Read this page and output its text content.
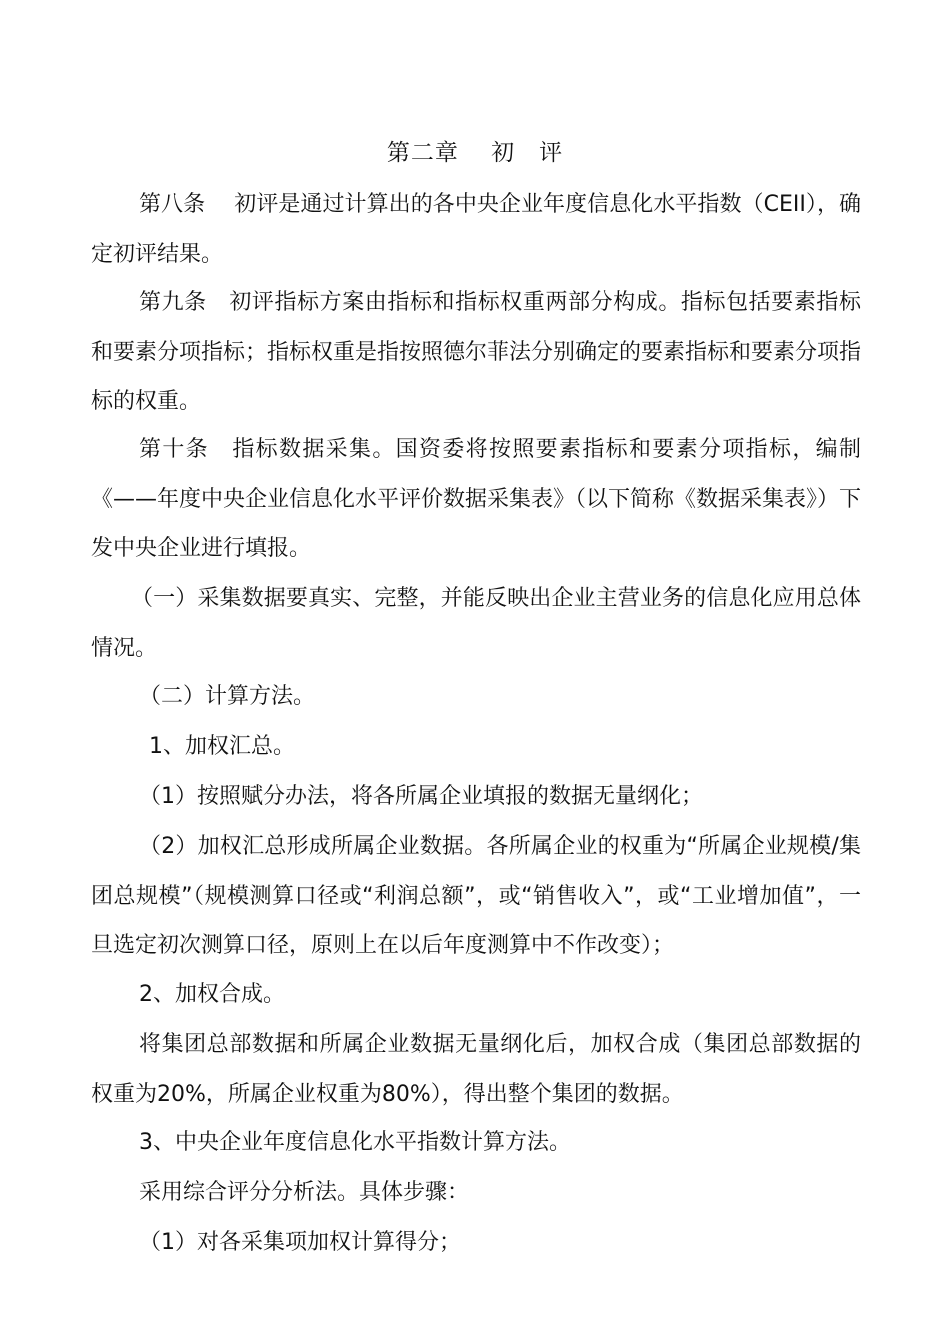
第二章　 初　评
第八条　 初评是通过计算出的各中央企业年度信息化水平指数（CEII），确定初评结果。
第九条　初评指标方案由指标和指标权重两部分构成。指标包括要素指标和要素分项指标；指标权重是指按照德尔菲法分别确定的要素指标和要素分项指标的权重。
第十条　指标数据采集。国资委将按照要素指标和要素分项指标，编制《——年度中央企业信息化水平评价数据采集表》（以下简称《数据采集表》）下发中央企业进行填报。
（一）采集数据要真实、完整，并能反映出企业主营业务的信息化应用总体情况。
（二）计算方法。
1、加权汇总。
（1）按照赋分办法，将各所属企业填报的数据无量纲化；
（2）加权汇总形成所属企业数据。各所属企业的权重为“所属企业规模/集团总规模”（规模测算口径或“利润总额”，或“销售收入”，或“工业增加值”，一旦选定初次测算口径，原则上在以后年度测算中不作改变）；
2、加权合成。
将集团总部数据和所属企业数据无量纲化后，加权合成（集团总部数据的权重为20%，所属企业权重为80%），得出整个集团的数据。
3、中央企业年度信息化水平指数计算方法。
采用综合评分分析法。具体步骤：
（1）对各采集项加权计算得分；
